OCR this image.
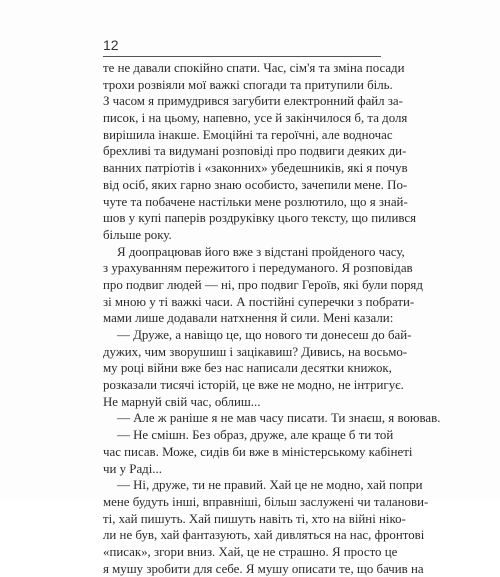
12
те не давали спокійно спати. Час, сім'я та зміна посади
трохи розвіяли мої важкі спогади та притупили біль.
З часом я примудрився загубити електронний файл за-
писок, і на цьому, напевно, усе й закінчилося б, та доля
вирішила інакше. Емоційні та героїчні, але водночас
брехливі та видумані розповіді про подвиги деяких ди-
ванних патріотів і «законних» убедешників, які я почув
від осіб, яких гарно знаю особисто, зачепили мене. По-
чуте та побачене настільки мене розлютило, що я знай-
шов у купі паперів роздруківку цього тексту, що пилився
більше року.
Я доопрацював його вже з відстані пройденого часу,
з урахуванням пережитого і передуманого. Я розповідав
про подвиг людей — ні, про подвиг Героїв, які були поряд
зі мною у ті важкі часи. А постійні суперечки з побрати-
мами лише додавали натхнення й сили. Мені казали:
— Друже, а навіщо це, що нового ти донесеш до бай-
дужих, чим зворушиш і зацікавиш? Дивись, на восьмо-
му році війни вже без нас написали десятки книжок,
розказали тисячі історій, це вже не модно, не інтригує.
Не марнуй свій час, облиш...
— Але ж раніше я не мав часу писати. Ти знаєш, я воював.
— Не смішн. Без образ, друже, але краще б ти той
час писав. Може, сидів би вже в міністерському кабінеті
чи у Раді...
— Ні, друже, ти не правий. Хай це не модно, хай попри
мене будуть інші, вправніші, більш заслужені чи таланови-
ті, хай пишуть. Хай пишуть навіть ті, хто на війні ніко-
ли не був, хай фантазують, хай дивляться на нас, фронтові
«писак», згори вниз. Хай, це не страшно. Я просто це
я мушу зробити для себе. Я мушу описати те, що бачив на
